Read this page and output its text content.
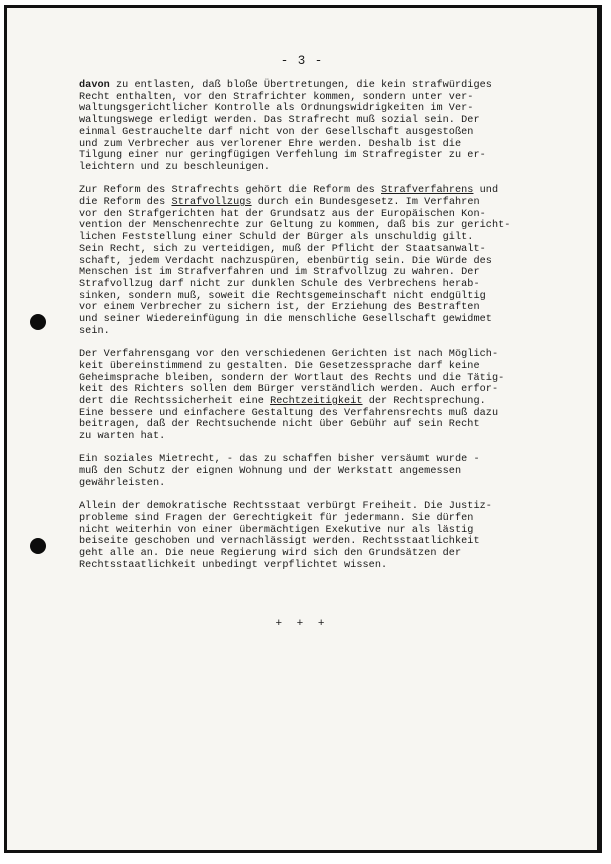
- 3 -
davon zu entlasten, daß bloße Übertretungen, die kein strafwürdiges
Recht enthalten, vor den Strafrichter kommen, sondern unter ver-
waltungsgerichtlicher Kontrolle als Ordnungswidrigkeiten im Ver-
waltungswege erledigt werden. Das Strafrecht muß sozial sein. Der
einmal Gestrauchelte darf nicht von der Gesellschaft ausgestoßen
und zum Verbrecher aus verlorener Ehre werden. Deshalb ist die
Tilgung einer nur geringfügigen Verfehlung im Strafregister zu er-
leichtern und zu beschleunigen.
Zur Reform des Strafrechts gehört die Reform des Strafverfahrens und
die Reform des Strafvollzugs durch ein Bundesgesetz. Im Verfahren
vor den Strafgerichten hat der Grundsatz aus der Europäischen Kon-
vention der Menschenrechte zur Geltung zu kommen, daß bis zur gericht-
lichen Feststellung einer Schuld der Bürger als unschuldig gilt.
Sein Recht, sich zu verteidigen, muß der Pflicht der Staatsanwalt-
schaft, jedem Verdacht nachzuspüren, ebenbürtig sein. Die Würde des
Menschen ist im Strafverfahren und im Strafvollzug zu wahren. Der
Strafvollzug darf nicht zur dunklen Schule des Verbrechens herab-
sinken, sondern muß, soweit die Rechtsgemeinschaft nicht endgültig
vor einem Verbrecher zu sichern ist, der Erziehung des Bestraften
und seiner Wiedereinfügung in die menschliche Gesellschaft gewidmet
sein.
Der Verfahrensgang vor den verschiedenen Gerichten ist nach Möglich-
keit übereinstimmend zu gestalten. Die Gesetzessprache darf keine
Geheimsprache bleiben, sondern der Wortlaut des Rechts und die Tätig-
keit des Richters sollen dem Bürger verständlich werden. Auch erfor-
dert die Rechtssicherheit eine Rechtzeitigkeit der Rechtsprechung.
Eine bessere und einfachere Gestaltung des Verfahrensrechts muß dazu
beitragen, daß der Rechtsuchende nicht über Gebühr auf sein Recht
zu warten hat.
Ein soziales Mietrecht, - das zu schaffen bisher versäumt wurde -
muß den Schutz der eignen Wohnung und der Werkstatt angemessen
gewährleisten.
Allein der demokratische Rechtsstaat verbürgt Freiheit. Die Justiz-
probleme sind Fragen der Gerechtigkeit für jedermann. Sie dürfen
nicht weiterhin von einer übermächtigen Exekutive nur als lästig
beiseite geschoben und vernachlässigt werden. Rechtsstaatlichkeit
geht alle an. Die neue Regierung wird sich den Grundsätzen der
Rechtsstaatlichkeit unbedingt verpflichtet wissen.
+ + +
